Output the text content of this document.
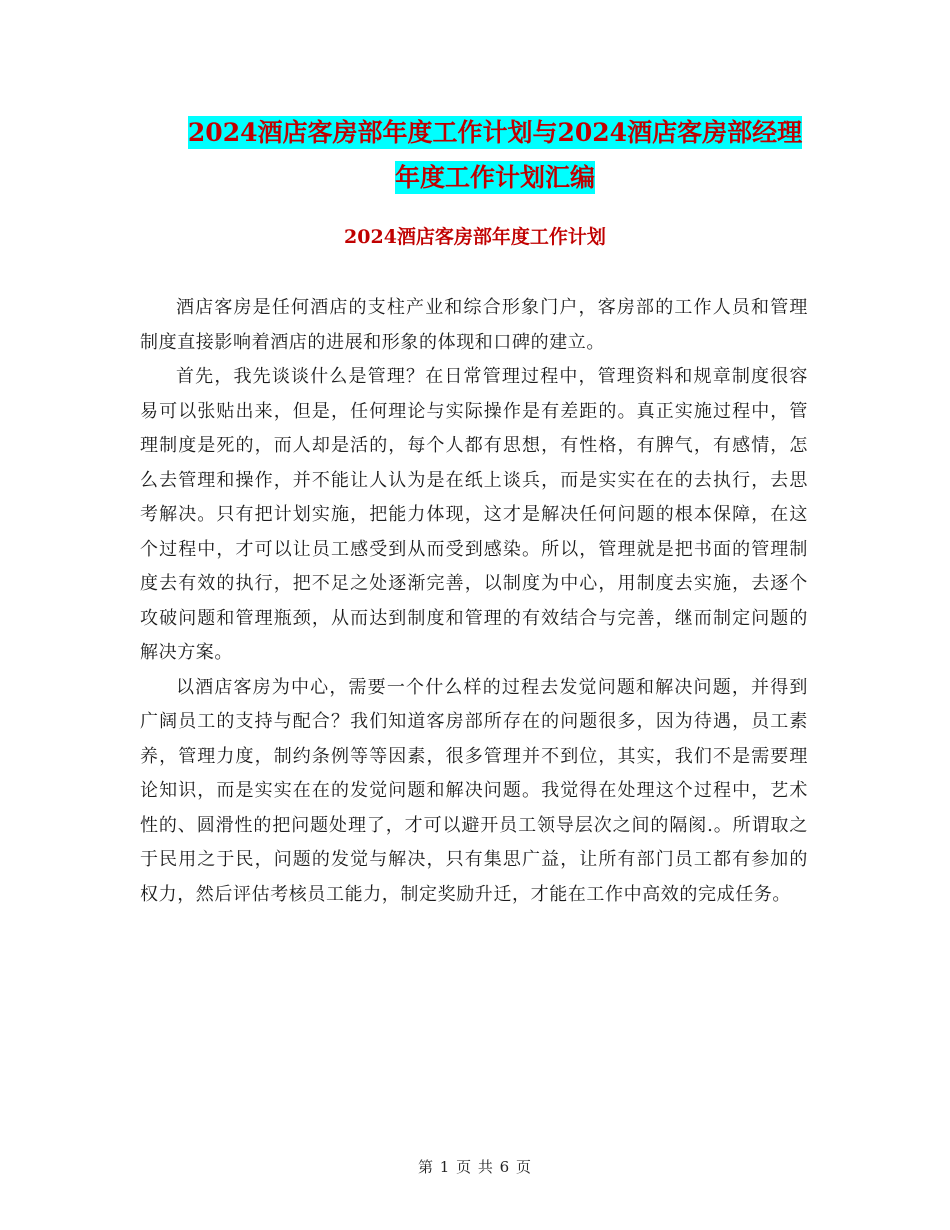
2024酒店客房部年度工作计划与2024酒店客房部经理
年度工作计划汇编
2024酒店客房部年度工作计划

酒店客房是任何酒店的支柱产业和综合形象门户，客房部的工作人员和管理制度直接影响着酒店的进展和形象的体现和口碑的建立。

首先，我先谈谈什么是管理？在日常管理过程中，管理资料和规章制度很容易可以张贴出来，但是，任何理论与实际操作是有差距的。真正实施过程中，管理制度是死的，而人却是活的，每个人都有思想，有性格，有脾气，有感情，怎么去管理和操作，并不能让人认为是在纸上谈兵，而是实实在在的去执行，去思考解决。只有把计划实施，把能力体现，这才是解决任何问题的根本保障，在这个过程中，才可以让员工感受到从而受到感染。所以，管理就是把书面的管理制度去有效的执行，把不足之处逐渐完善，以制度为中心，用制度去实施，去逐个攻破问题和管理瓶颈，从而达到制度和管理的有效结合与完善，继而制定问题的解决方案。

以酒店客房为中心，需要一个什么样的过程去发觉问题和解决问题，并得到广阔员工的支持与配合？我们知道客房部所存在的问题很多，因为待遇，员工素养，管理力度，制约条例等等因素，很多管理并不到位，其实，我们不是需要理论知识，而是实实在在的发觉问题和解决问题。我觉得在处理这个过程中，艺术性的、圆滑性的把问题处理了，才可以避开员工领导层次之间的隔阂.。所谓取之于民用之于民，问题的发觉与解决，只有集思广益，让所有部门员工都有参加的权力，然后评估考核员工能力，制定奖励升迁，才能在工作中高效的完成任务。

第 1 页 共 6 页
